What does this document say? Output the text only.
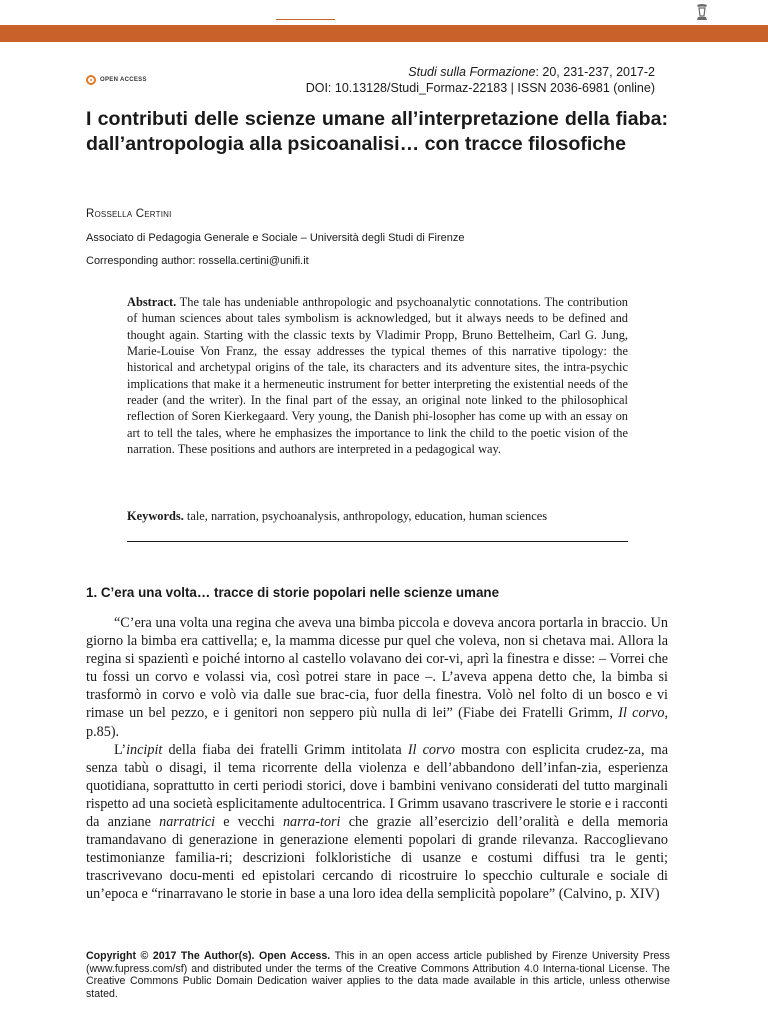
OPEN ACCESS
Studi sulla Formazione: 20, 231-237, 2017-2
DOI: 10.13128/Studi_Formaz-22183 | ISSN 2036-6981 (online)
I contributi delle scienze umane all’interpretazione della fiaba: dall’antropologia alla psicoanalisi… con tracce filosofiche
Rossella Certini
Associato di Pedagogia Generale e Sociale – Università degli Studi di Firenze
Corresponding author: rossella.certini@unifi.it

Abstract. The tale has undeniable anthropologic and psychoanalytic connotations. The contribution of human sciences about tales symbolism is acknowledged, but it always needs to be defined and thought again. Starting with the classic texts by Vladimir Propp, Bruno Bettelheim, Carl G. Jung, Marie-Louise Von Franz, the essay addresses the typical themes of this narrative tipology: the historical and archetypal origins of the tale, its characters and its adventure sites, the intra-psychic implications that make it a hermeneutic instrument for better interpreting the existential needs of the reader (and the writer). In the final part of the essay, an original note linked to the philosophical reflection of Soren Kierkegaard. Very young, the Danish phi-losopher has come up with an essay on art to tell the tales, where he emphasizes the importance to link the child to the poetic vision of the narration. These positions and authors are interpreted in a pedagogical way.

Keywords. tale, narration, psychoanalysis, anthropology, education, human sciences

1. C’era una volta… tracce di storie popolari nelle scienze umane

“C’era una volta una regina che aveva una bimba piccola e doveva ancora portarla in braccio. Un giorno la bimba era cattivella; e, la mamma dicesse pur quel che voleva, non si chetava mai. Allora la regina si spazientì e poiché intorno al castello volavano dei cor-vi, aprì la finestra e disse: – Vorrei che tu fossi un corvo e volassi via, così potrei stare in pace –. L’aveva appena detto che, la bimba si trasformò in corvo e volò via dalle sue brac-cia, fuor della finestra. Volò nel folto di un bosco e vi rimase un bel pezzo, e i genitori non seppero più nulla di lei” (Fiabe dei Fratelli Grimm, Il corvo, p.85).

L’incipit della fiaba dei fratelli Grimm intitolata Il corvo mostra con esplicita crudez-za, ma senza tabù o disagi, il tema ricorrente della violenza e dell’abbandono dell’infan-zia, esperienza quotidiana, soprattutto in certi periodi storici, dove i bambini venivano considerati del tutto marginali rispetto ad una società esplicitamente adultocentrica. I Grimm usavano trascrivere le storie e i racconti da anziane narratrici e vecchi narra-tori che grazie all’esercizio dell’oralità e della memoria tramandavano di generazione in generazione elementi popolari di grande rilevanza. Raccoglievano testimonianze familia-ri; descrizioni folkloristiche di usanze e costumi diffusi tra le genti; trascrivevano docu-menti ed epistolari cercando di ricostruire lo specchio culturale e sociale di un’epoca e “rinarravano le storie in base a una loro idea della semplicità popolare” (Calvino, p. XIV)

Copyright © 2017 The Author(s). Open Access. This in an open access article published by Firenze University Press (www.fupress.com/sf) and distributed under the terms of the Creative Commons Attribution 4.0 Interna-tional License. The Creative Commons Public Domain Dedication waiver applies to the data made available in this article, unless otherwise stated.
